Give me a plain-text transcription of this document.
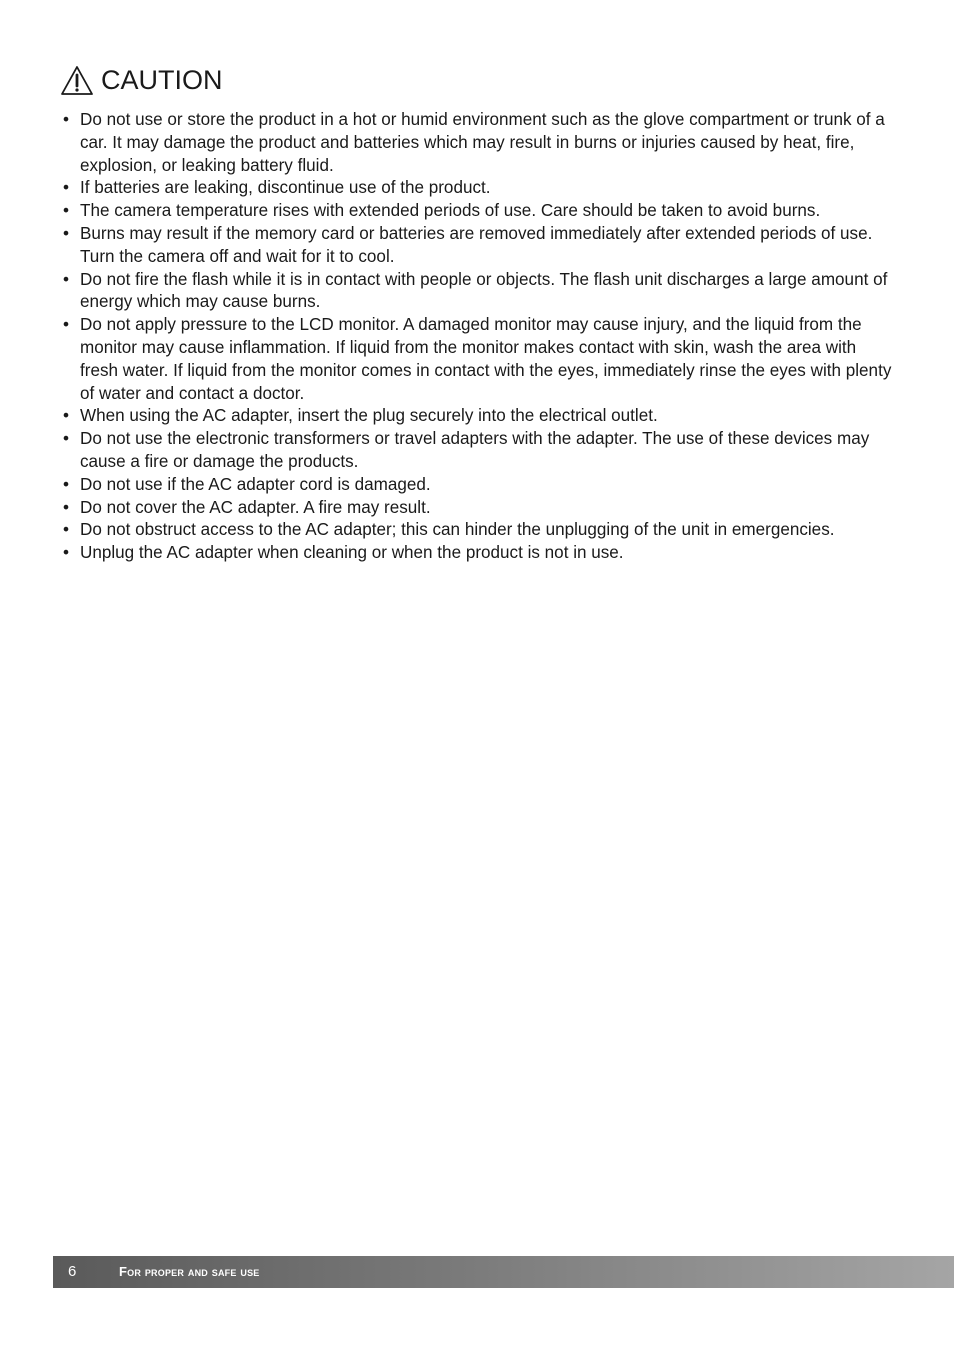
CAUTION
• Do not use or store the product in a hot or humid environment such as the glove compartment or trunk of a car. It may damage the product and batteries which may result in burns or injuries caused by heat, fire, explosion, or leaking battery fluid.
• If batteries are leaking, discontinue use of the product.
• The camera temperature rises with extended periods of use. Care should be taken to avoid burns.
• Burns may result if the memory card or batteries are removed immediately after extended periods of use. Turn the camera off and wait for it to cool.
• Do not fire the flash while it is in contact with people or objects. The flash unit discharges a large amount of energy which may cause burns.
• Do not apply pressure to the LCD monitor. A damaged monitor may cause injury, and the liquid from the monitor may cause inflammation. If liquid from the monitor makes contact with skin, wash the area with fresh water. If liquid from the monitor comes in contact with the eyes, immediately rinse the eyes with plenty of water and contact a doctor.
• When using the AC adapter, insert the plug securely into the electrical outlet.
• Do not use the electronic transformers or travel adapters with the adapter. The use of these devices may cause a fire or damage the products.
• Do not use if the AC adapter cord is damaged.
• Do not cover the AC adapter. A fire may result.
• Do not obstruct access to the AC adapter; this can hinder the unplugging of the unit in emergencies.
• Unplug the AC adapter when cleaning or when the product is not in use.
6	For proper and safe use
